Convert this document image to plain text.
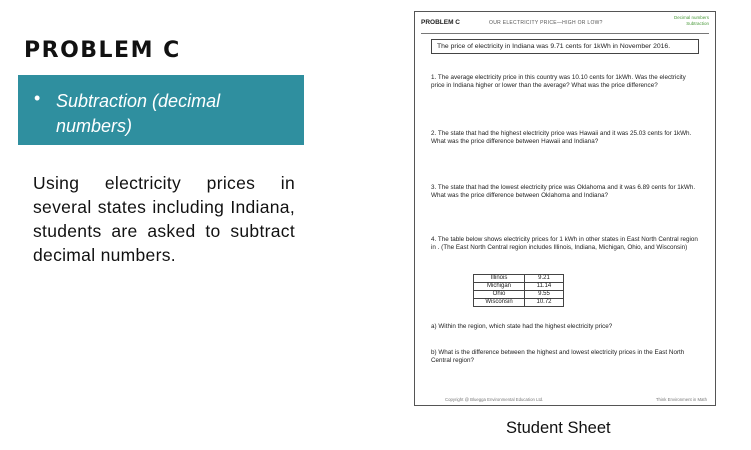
PROBLEM C
• Subtraction (decimal numbers)
Using electricity prices in several states including Indiana, students are asked to subtract decimal numbers.
PROBLEM C	OUR ELECTRICITY PRICE—HIGH OR LOW?
Decimal numbers
Subtraction
The price of electricity in Indiana was 9.71 cents for 1kWh in November 2016.
1. The average electricity price in this country was 10.10 cents for 1kWh. Was the electricity price in Indiana higher or lower than the average? What was the price difference?
2. The state that had the highest electricity price was Hawaii and it was 25.03 cents for 1kWh. What was the price difference between Hawaii and Indiana?
3. The state that had the lowest electricity price was Oklahoma and it was 6.89 cents for 1kWh. What was the price difference between Oklahoma and Indiana?
4. The table below shows electricity prices for 1 kWh in other states in East North Central region in . (The East North Central region includes Illinois, Indiana, Michigan, Ohio, and Wisconsin)
Illinois	9.21
Michigan	11.14
Ohio	9.55
Wisconsin	10.72
a) Within the region, which state had the highest electricity price?
b) What is the difference between the highest and lowest electricity prices in the East North Central region?
Copyright @ Bluegga Environmental Education Ltd.	Think Environment in Math
Student Sheet
